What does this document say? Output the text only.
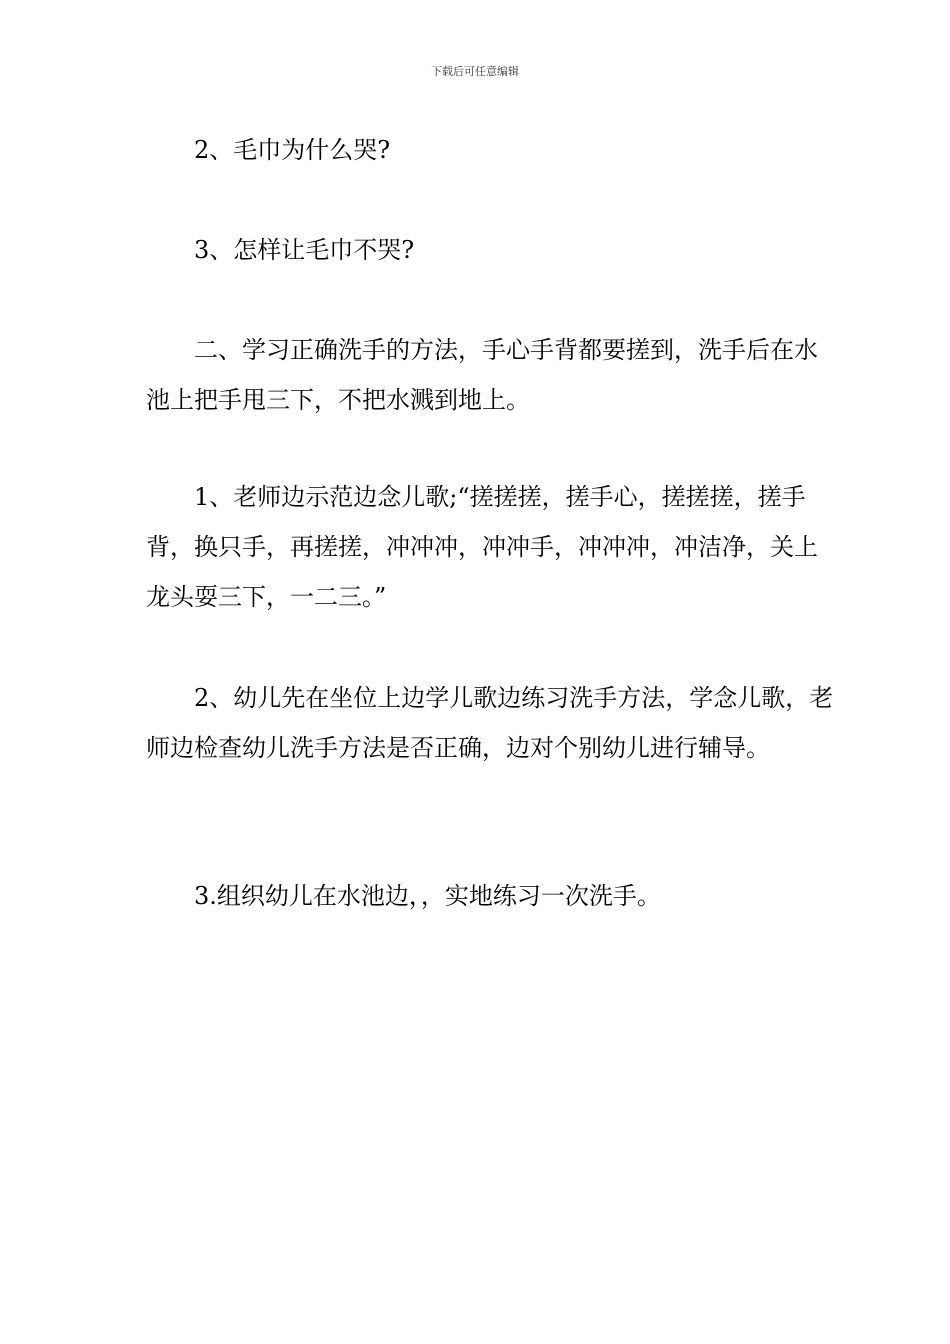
下载后可任意编辑

2、毛巾为什么哭?

3、怎样让毛巾不哭?

二、学习正确洗手的方法，手心手背都要搓到，洗手后在水池上把手甩三下，不把水溅到地上。

1、老师边示范边念儿歌;“搓搓搓，搓手心，搓搓搓，搓手背，换只手，再搓搓，冲冲冲，冲冲手，冲冲冲，冲洁净，关上龙头耍三下，一二三。”

2、幼儿先在坐位上边学儿歌边练习洗手方法，学念儿歌，老师边检查幼儿洗手方法是否正确，边对个别幼儿进行辅导。

3.组织幼儿在水池边，，实地练习一次洗手。
